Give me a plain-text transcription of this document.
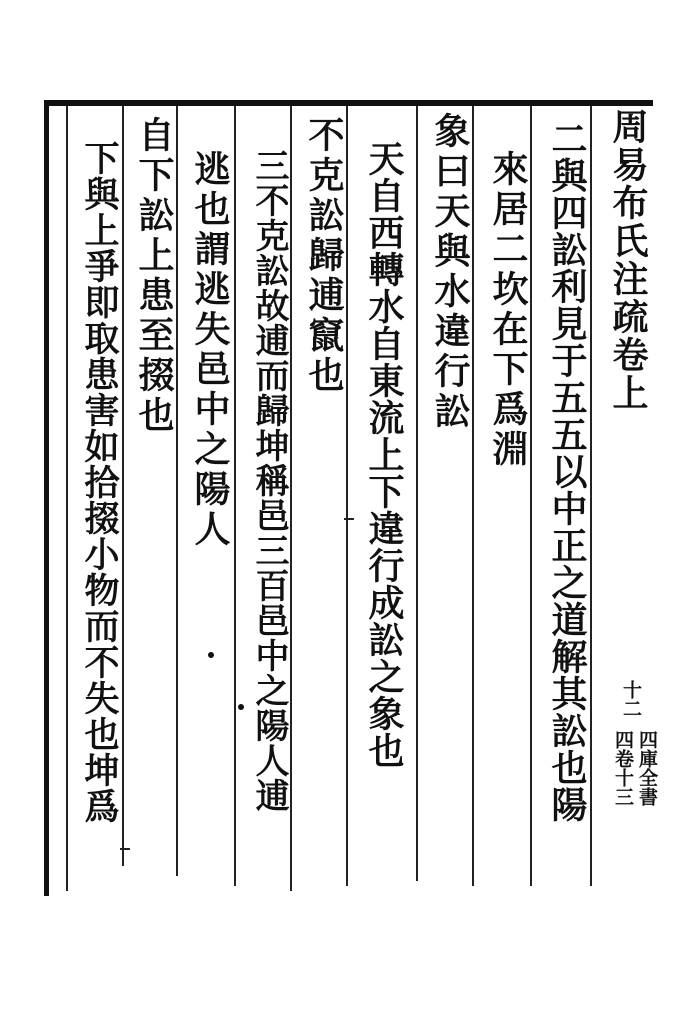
周易布氏注疏卷上
二與四訟利見于五五以中正之道解其訟也陽
來居二坎在下爲淵
象曰天與水違行訟
天自西轉水自東流上下違行成訟之象也
不克訟歸逋竄也
三不克訟故逋而歸坤稱邑三百邑中之陽人逋
逃也謂逃失邑中之陽人
自下訟上患至掇也
下與上爭即取患害如拾掇小物而不失也坤爲	十二
四庫全書
四卷十三
